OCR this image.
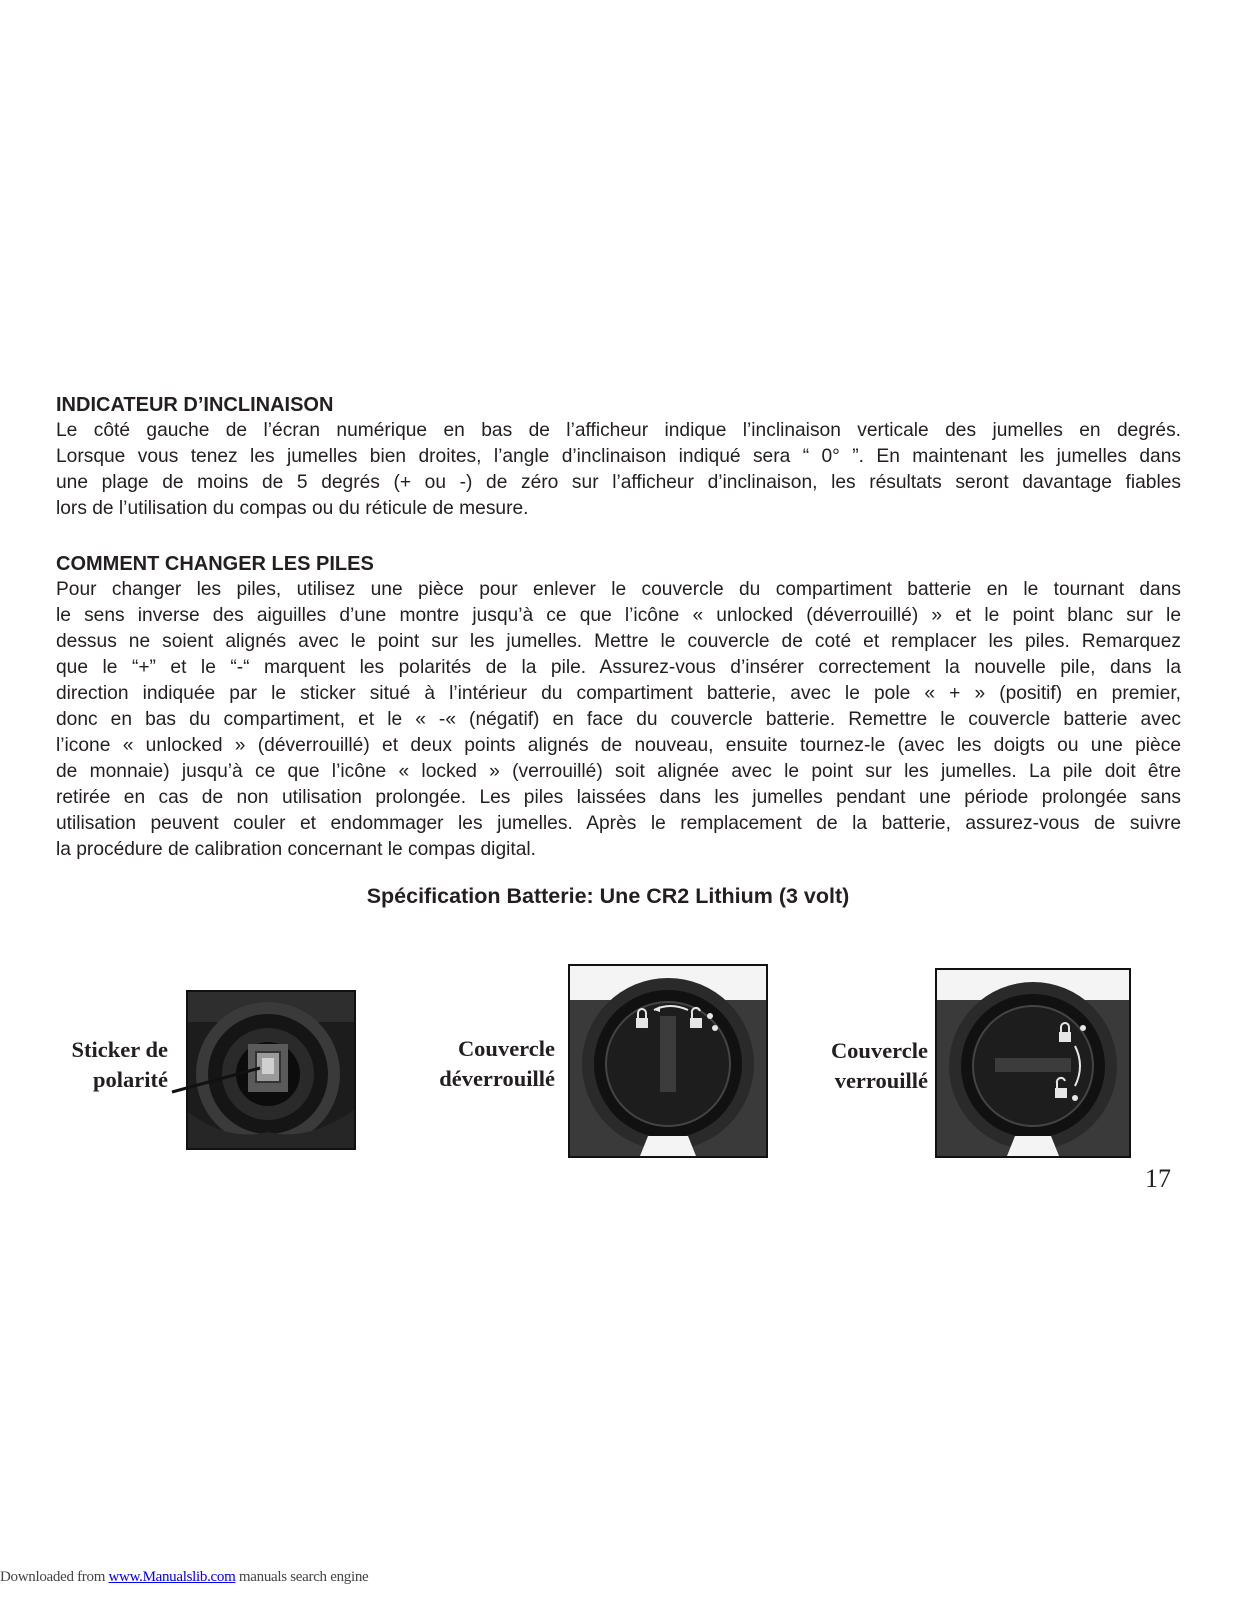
INDICATEUR D’INCLINAISON

Le côté gauche de l’écran numérique en bas de l’afficheur indique l’inclinaison verticale des jumelles en degrés.

Lorsque vous tenez les jumelles bien droites, l’angle d’inclinaison indiqué sera “ 0° ”. En maintenant les jumelles dans

une plage de moins de 5 degrés (+ ou -) de zéro sur l’afficheur d’inclinaison, les résultats seront davantage fiables

lors de l’utilisation du compas ou du réticule de mesure.

COMMENT CHANGER LES PILES

Pour changer les piles, utilisez une pièce pour enlever le couvercle du compartiment batterie en le tournant dans

le sens inverse des aiguilles d’une montre jusqu’à ce que l’icône « unlocked (déverrouillé) » et le point blanc sur le

dessus ne soient alignés avec le point sur les jumelles. Mettre le couvercle de coté et remplacer les piles. Remarquez

que le “+” et le “-“ marquent les polarités de la pile. Assurez-vous d’insérer correctement la nouvelle pile, dans la

direction indiquée par le sticker situé à l’intérieur du compartiment batterie, avec le pole « + » (positif) en premier,

donc en bas du compartiment, et le « -« (négatif) en face du couvercle batterie. Remettre le couvercle batterie avec

l’icone « unlocked » (déverrouillé) et deux points alignés de nouveau, ensuite tournez-le (avec les doigts ou une pièce

de monnaie) jusqu’à ce que l’icône « locked » (verrouillé) soit alignée avec le point sur les jumelles. La pile doit être

retirée en cas de non utilisation prolongée. Les piles laissées dans les jumelles pendant une période prolongée sans

utilisation peuvent couler et endommager les jumelles. Après le remplacement de la batterie, assurez-vous de suivre

la procédure de calibration concernant le compas digital.

Spécification Batterie: Une CR2 Lithium (3 volt)
Sticker de
polarité
Couvercle
déverrouillé
Couvercle
verrouillé
17
Downloaded from www.Manualslib.com manuals search engine
